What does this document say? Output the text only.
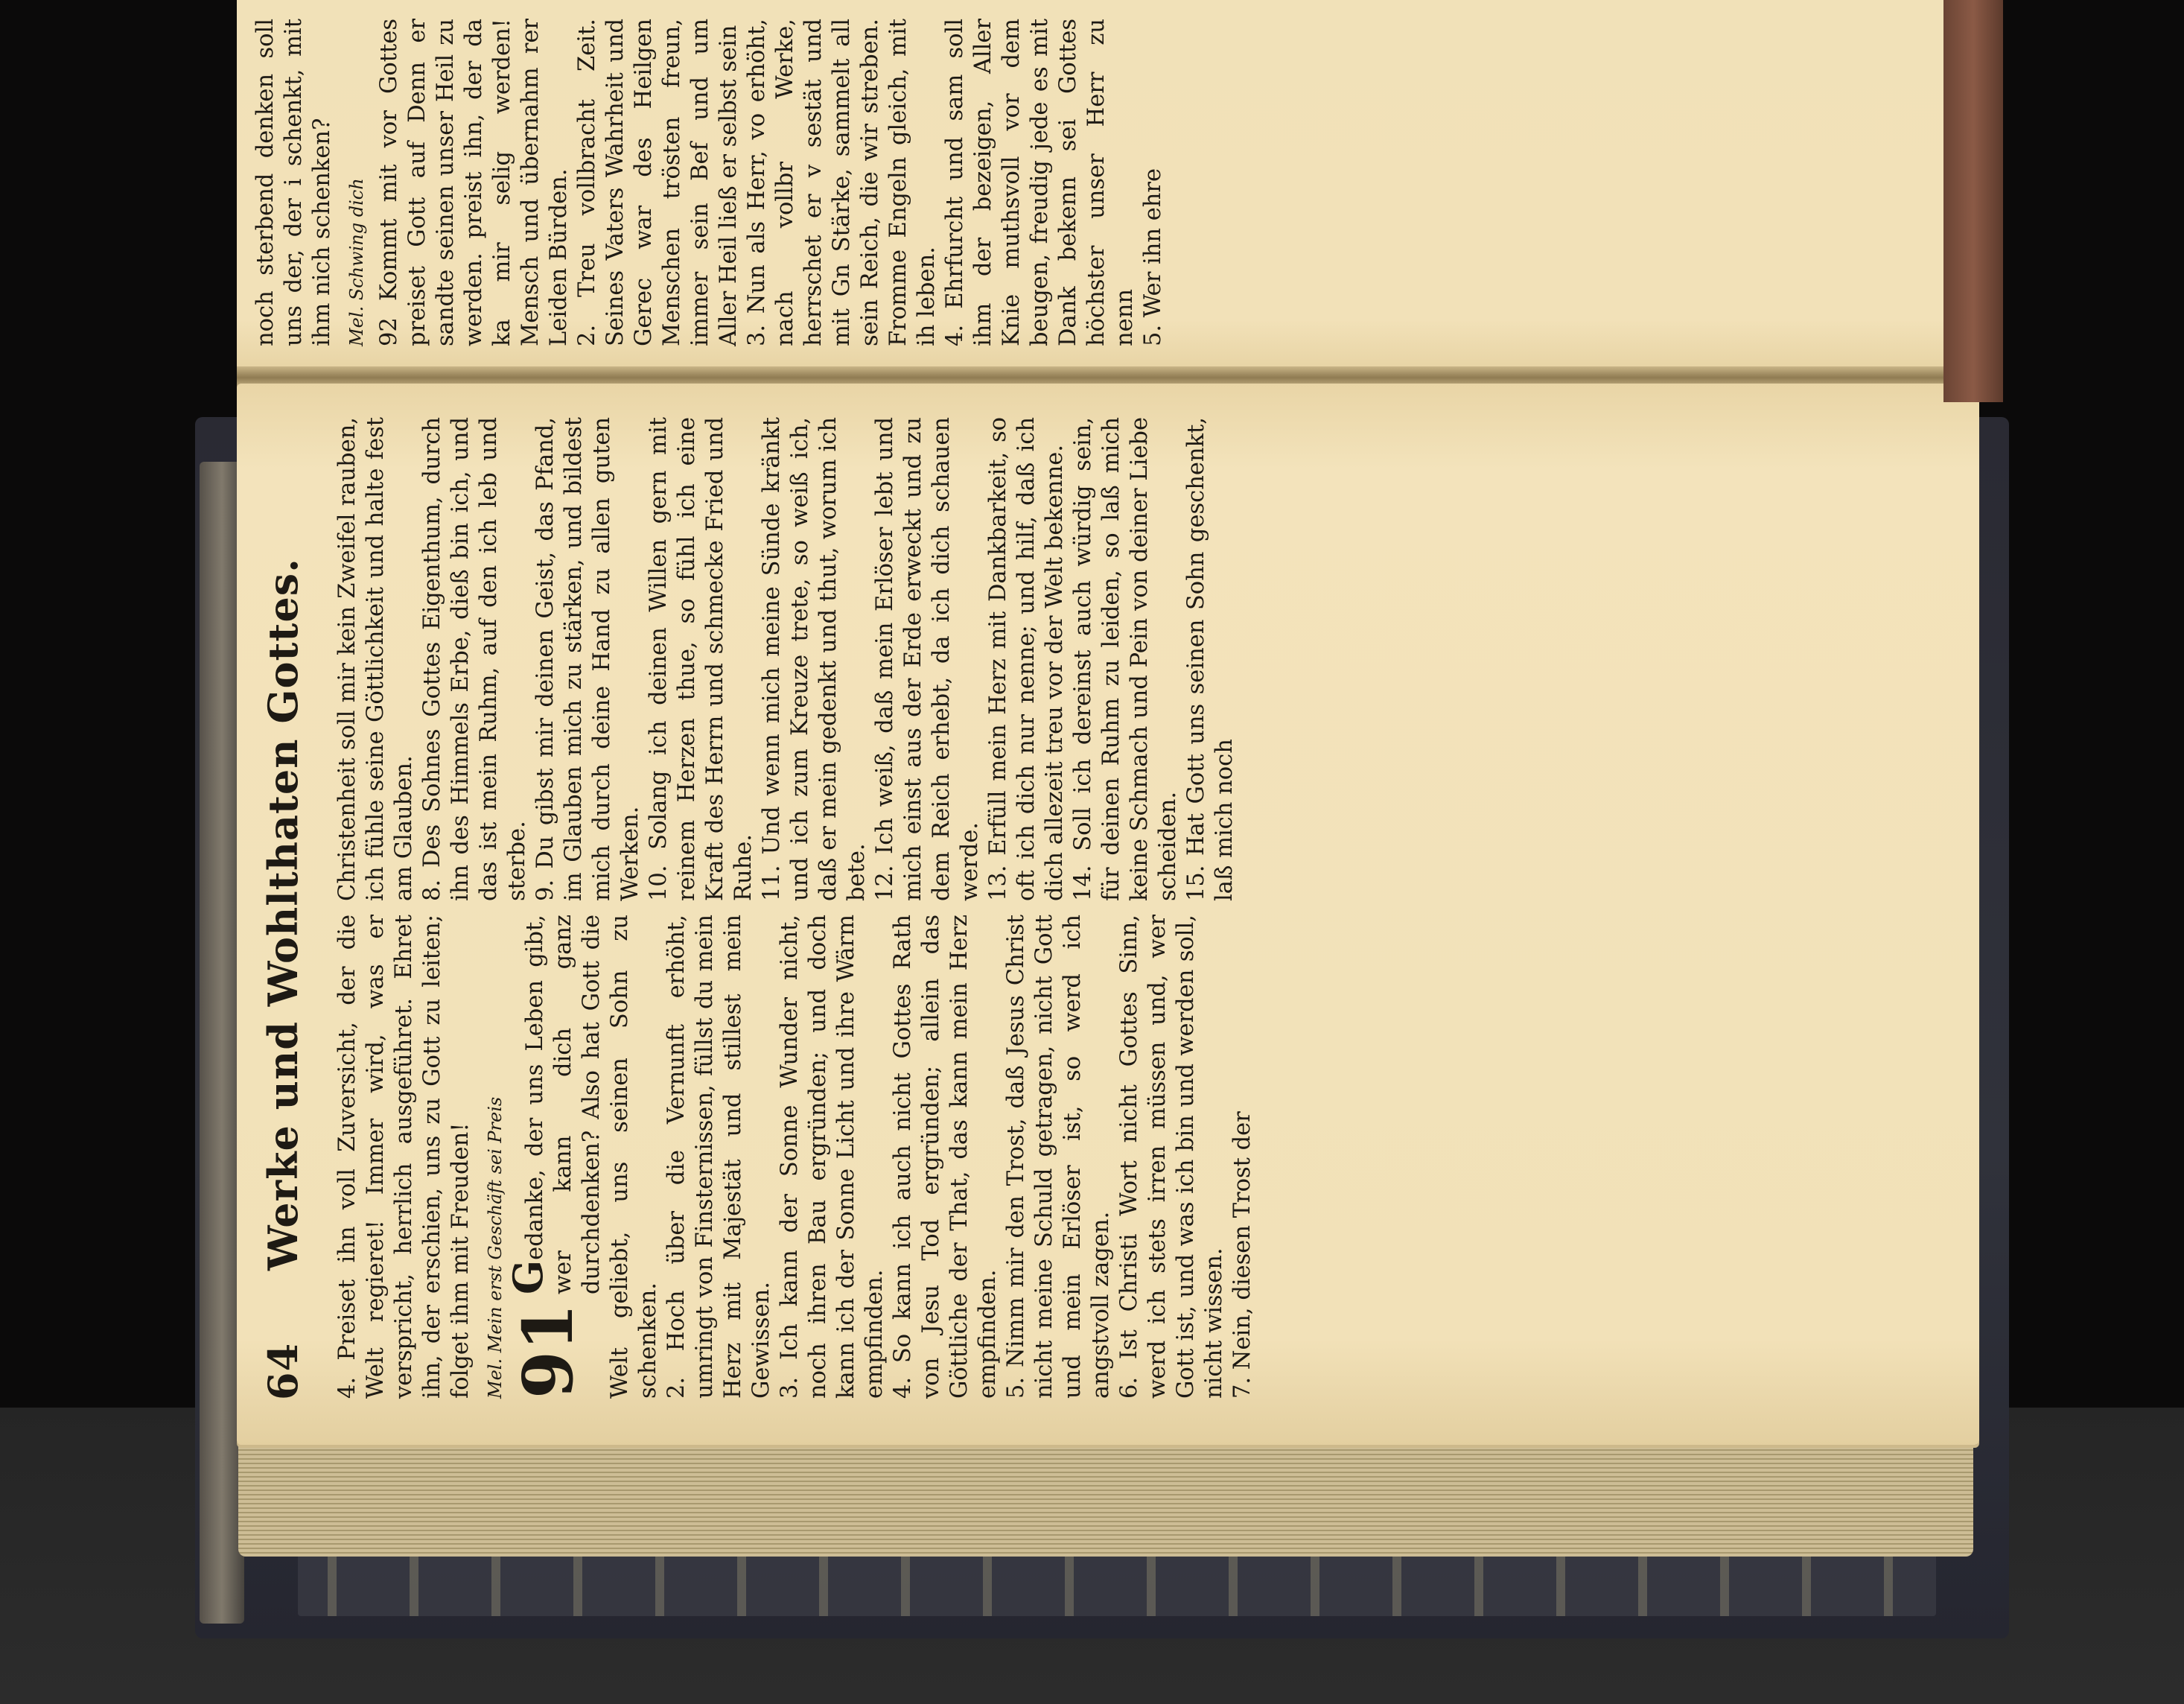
64
Werke und Wohlthaten Gottes. 4. Preiset ihn voll Zuversicht, der die Welt regieret! Immer wird, was er verspricht, herrlich ausgeführet. Ehret ihn, der erschien, uns zu Gott zu leiten; folget ihm mit Freuden! Mel. Mein erst Geschäft sei Preis 91
Gedanke, der uns Leben gibt, wer kann dich ganz durchdenken? Also hat Gott die Welt geliebt, uns seinen Sohn zu schenken. 2. Hoch über die Vernunft erhöht, umringt von Finsternissen, füllst du mein Herz mit Majestät und stillest mein Gewissen. 3. Ich kann der Sonne Wunder nicht, noch ihren Bau ergründen; und doch kann ich der Sonne Licht und ihre Wärm empfinden. 4. So kann ich auch nicht Gottes Rath von Jesu Tod ergründen; allein das Göttliche der That, das kann mein Herz empfinden. 5. Nimm mir den Trost, daß Jesus Christ nicht meine Schuld getragen, nicht Gott und mein Erlöser ist, so werd ich angstvoll zagen. 6. Ist Christi Wort nicht Gottes Sinn, werd ich stets irren müssen und, wer Gott ist, und was ich bin und werden soll, nicht wissen. 7. Nein, diesen Trost der

Christenheit soll mir kein Zweifel rauben, ich fühle seine Göttlichkeit und halte fest am Glauben. 8. Des Sohnes Gottes Eigenthum, durch ihn des Himmels Erbe, dieß bin ich, und das ist mein Ruhm, auf den ich leb und sterbe. 9. Du gibst mir deinen Geist, das Pfand, im Glauben mich zu stärken, und bildest mich durch deine Hand zu allen guten Werken. 10. Solang ich deinen Willen gern mit reinem Herzen thue, so fühl ich eine Kraft des Herrn und schmecke Fried und Ruhe. 11. Und wenn mich meine Sünde kränkt und ich zum Kreuze trete, so weiß ich, daß er mein gedenkt und thut, worum ich bete. 12. Ich weiß, daß mein Erlöser lebt und mich einst aus der Erde erweckt und zu dem Reich erhebt, da ich dich schauen werde. 13. Erfüll mein Herz mit Dankbarkeit, so oft ich dich nur nenne; und hilf, daß ich dich allezeit treu vor der Welt bekenne. 14. Soll ich dereinst auch würdig sein, für deinen Ruhm zu leiden, so laß mich keine Schmach und Pein von deiner Liebe scheiden. 15. Hat Gott uns seinen Sohn geschenkt, laß mich noch

noch sterbend denken soll uns der, der i schenkt, mit ihm nich schenken? Mel. Schwing dich 92 Kommt mit vor Gottes preiset Gott auf Denn er sandte seinen unser Heil zu werden. preist ihn, der da ka mir selig werden! Mensch und übernahm rer Leiden Bürden. 2. Treu vollbracht Zeit. Seines Vaters Wahrheit und Gerec war des Heilgen Menschen trösten freun, immer sein Bef und um Aller Heil ließ er selbst sein 3. Nun als Herr, vo erhöht, nach vollbr Werke, herrschet er v sestät und mit Gn Stärke, sammelt all sein Reich, die wir streben. Fromme Engeln gleich, mit ih leben. 4. Ehrfurcht und sam soll ihm der bezeigen, Aller Knie muthsvoll vor dem beugen, freudig jede es mit Dank bekenn sei Gottes höchster unser Herr zu nenn 5. Wer ihn ehre
